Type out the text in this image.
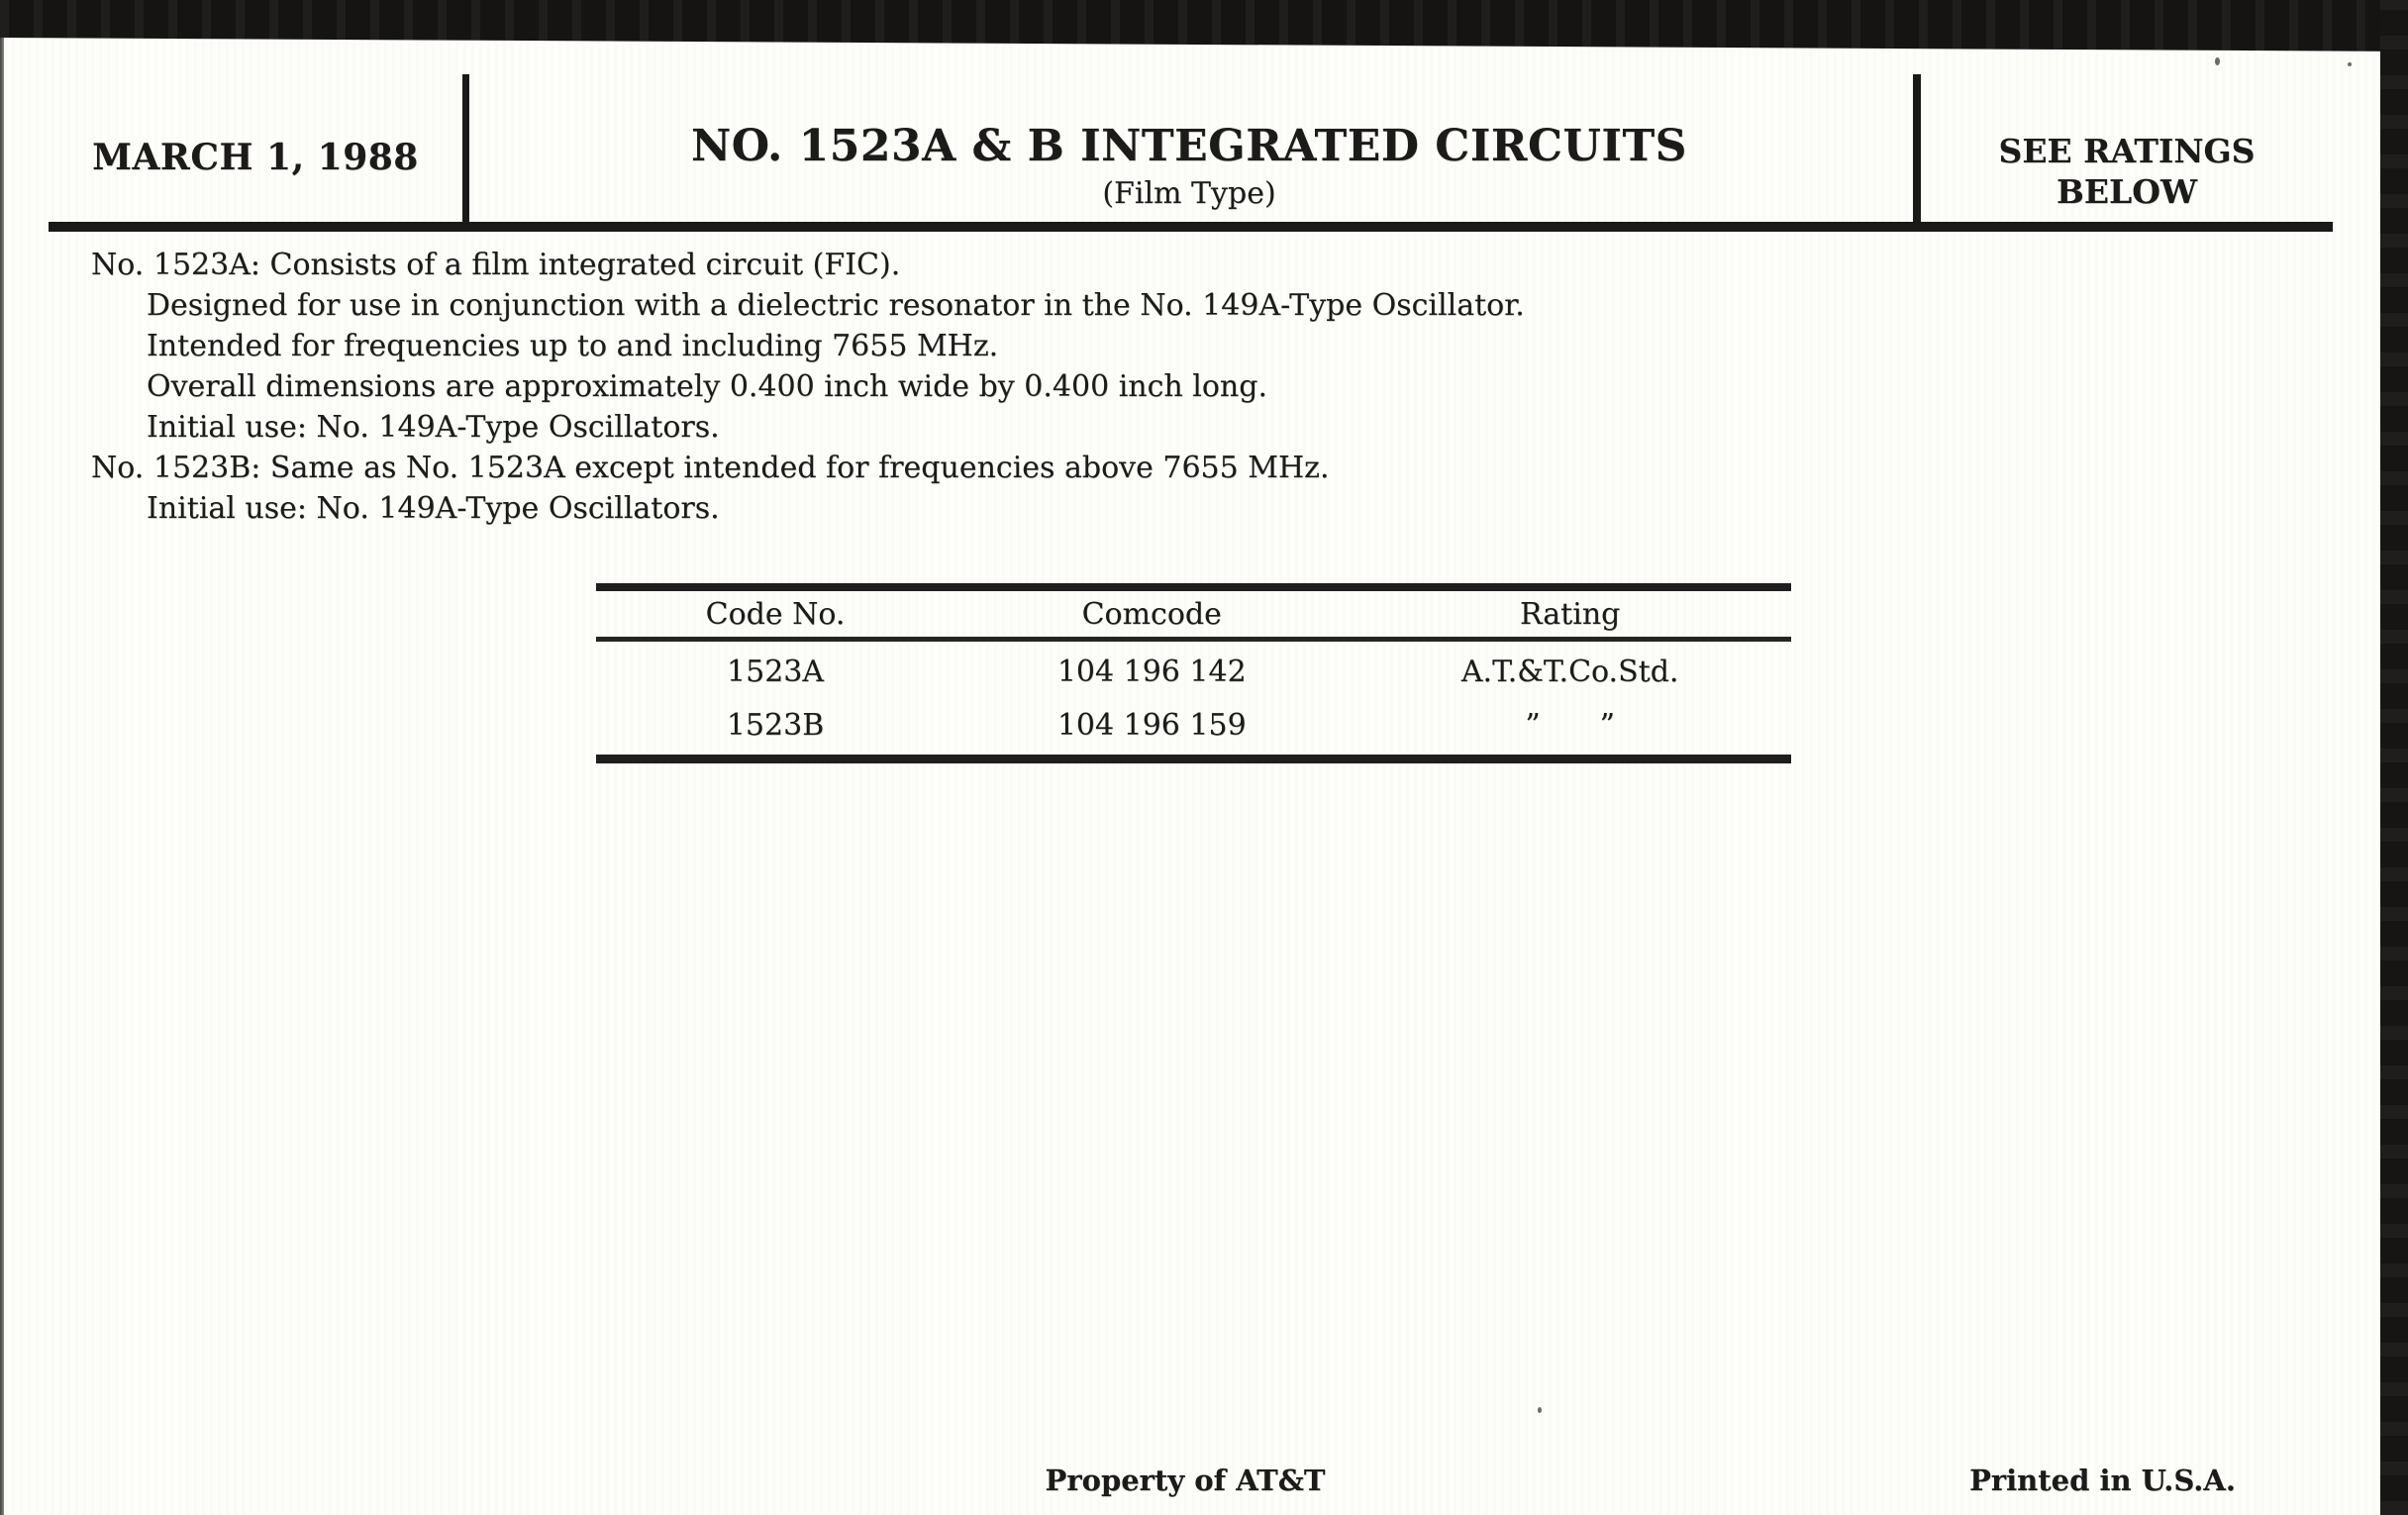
MARCH 1, 1988	NO. 1523A & B INTEGRATED CIRCUITS
(Film Type)
SEE RATINGS
BELOW
No. 1523A: Consists of a film integrated circuit (FIC).
Designed for use in conjunction with a dielectric resonator in the No. 149A-Type Oscillator.
Intended for frequencies up to and including 7655 MHz.
Overall dimensions are approximately 0.400 inch wide by 0.400 inch long.
Initial use: No. 149A-Type Oscillators.
No. 1523B: Same as No. 1523A except intended for frequencies above 7655 MHz.
Initial use: No. 149A-Type Oscillators.
Code No.	Comcode	Rating
1523A	104 196 142	A.T.&T.Co.Std.
1523B	104 196 159	”  ”
Property of AT&T	Printed in U.S.A.
